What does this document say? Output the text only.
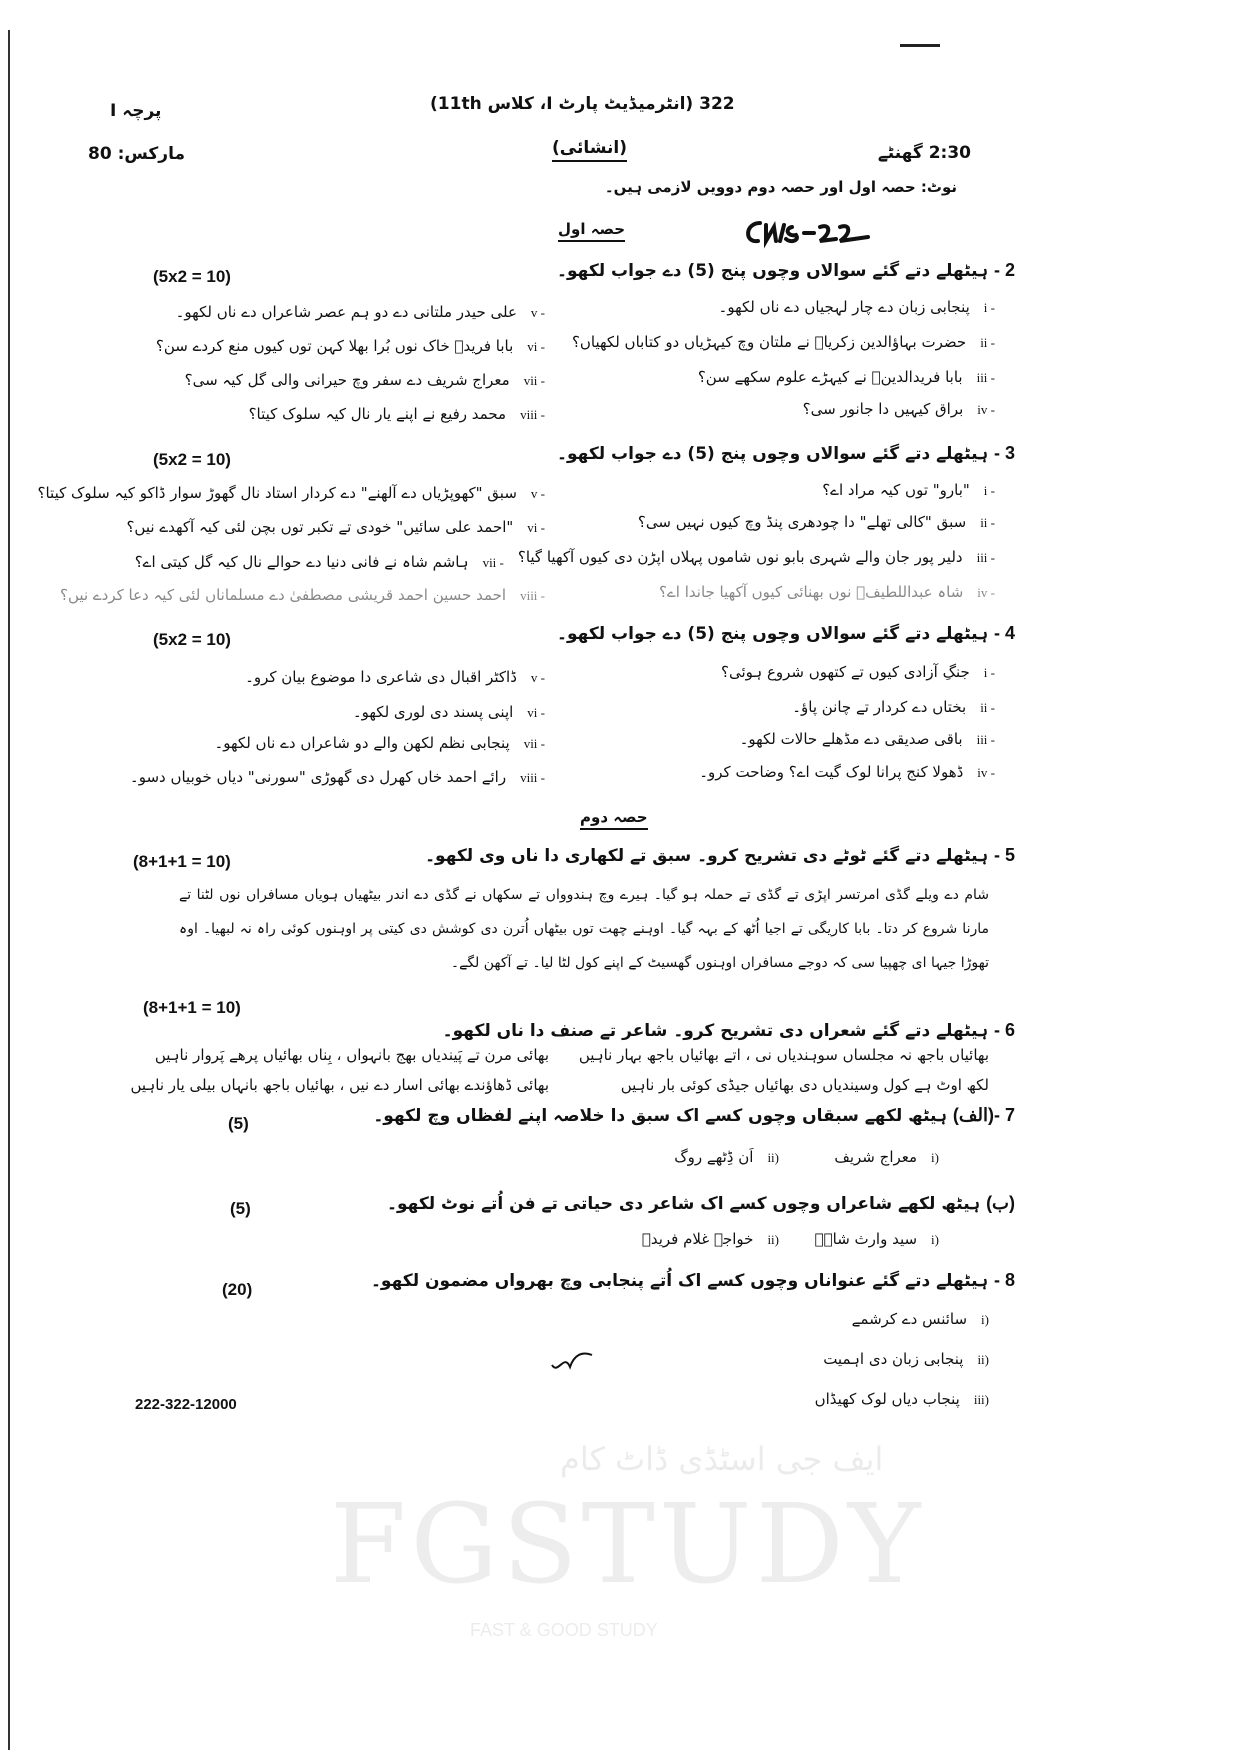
FGSTUDY
ایف جی اسٹڈی ڈاٹ کام
FAST & GOOD STUDY
پرچہ I	322 (انٹرمیڈیٹ پارٹ I، کلاس 11th)
مارکس: 80	(انشائی)	2:30 گھنٹے
نوٹ: حصہ اول اور حصہ دوم دوویں لازمی ہیں۔
حصہ اول
2 - ہیٹھلے دتے گئے سوالاں وچوں پنج (5) دے جواب لکھو۔
(5x2 = 10)
3 - ہیٹھلے دتے گئے سوالاں وچوں پنج (5) دے جواب لکھو۔
(5x2 = 10)
4 - ہیٹھلے دتے گئے سوالاں وچوں پنج (5) دے جواب لکھو۔
(5x2 = 10)
i -
پنجابی زبان دے چار لہجیاں دے ناں لکھو۔
ii -
حضرت بہاؤالدین زکریاؒ نے ملتان وچ کیہڑیاں دو کتاباں لکھیاں؟
iii -
بابا فریدالدینؒ نے کیہڑے علوم سکھے سن؟
iv -
براق کیہیں دا جانور سی؟
v -
علی حیدر ملتانی دے دو ہم عصر شاعراں دے ناں لکھو۔
vi -
بابا فریدؒ خاک نوں بُرا بھلا کہن توں کیوں منع کردے سن؟
vii -
معراج شریف دے سفر وچ حیرانی والی گل کیہ سی؟
viii -
محمد رفیع نے اپنے یار نال کیہ سلوک کیتا؟
i -
"بارو" توں کیہ مراد اے؟
ii -
سبق "کالی تھلے" دا چودھری پنڈ وچ کیوں نہیں سی؟
iii -
دلیر پور جان والے شہری بابو نوں شاموں پہلاں اپڑن دی کیوں آکھیا گیا؟
iv -
شاہ عبداللطیفؒ نوں بھنائی کیوں آکھیا جاندا اے؟
v -
سبق "کھوپڑیاں دے آلھنے" دے کردار استاد نال گھوڑ سوار ڈاکو کیہ سلوک کیتا؟
vi -
"احمد علی سائیں" خودی تے تکبر توں بچن لئی کیہ آکھدے نیں؟
vii -
ہاشم شاہ نے فانی دنیا دے حوالے نال کیہ گل کیتی اے؟
viii -
احمد حسین احمد قریشی مصطفیٰ دے مسلماناں لئی کیہ دعا کردے نیں؟
i -
جنگِ آزادی کیوں تے کتھوں شروع ہوئی؟
ii -
بختاں دے کردار تے چانن پاؤ۔
iii -
باقی صدیقی دے مڈھلے حالات لکھو۔
iv -
ڈھولا کنج پرانا لوک گیت اے؟ وضاحت کرو۔
v -
ڈاکٹر اقبال دی شاعری دا موضوع بیان کرو۔
vi -
اپنی پسند دی لوری لکھو۔
vii -
پنجابی نظم لکھن والے دو شاعراں دے ناں لکھو۔
viii -
رائے احمد خاں کھرل دی گھوڑی "سورنی" دیاں خوبیاں دسو۔
حصہ دوم
5 - ہیٹھلے دتے گئے ٹوٹے دی تشریح کرو۔ سبق تے لکھاری دا ناں وی لکھو۔
(8+1+1 = 10)
شام دے ویلے گڈی امرتسر اپڑی تے گڈی تے حملہ ہو گیا۔ ہیرے وچ ہندوواں تے سکھاں نے گڈی دے اندر بیٹھیاں ہویاں مسافراں نوں لٹنا تے مارنا شروع کر دتا۔ بابا کاریگی تے اجیا اُٹھ کے بہہ گیا۔ اوہنے چھت توں بیٹھاں اُترن دی کوشش دی کیتی پر اوہنوں کوئی راہ نہ لبھیا۔ اوہ تھوڑا جیہا ای چھپیا سی کہ دوجے مسافراں اوہنوں گھسیٹ کے اپنے کول لٹا لیا۔ تے آکھن لگے۔
(8+1+1 = 10)
6 - ہیٹھلے دتے گئے شعراں دی تشریح کرو۔ شاعر تے صنف دا ناں لکھو۔
بھائیاں باجھ نہ مجلساں سوہندیاں نی ، اتے بھائیاں باجھ بہار ناہیں
بھائی مرن تے پَیندیاں بھج بانہواں ، بِناں بھائیاں پرھے پَروار ناہیں
لکھ اوٹ ہے کول وسیندیاں دی بھائیاں جیڈی کوئی بار ناہیں
بھائی ڈھاؤندے بھائی اسار دے نیں ، بھائیاں باجھ بانہاں بیلی یار ناہیں
7 -(الف) ہیٹھ لکھے سبقاں وچوں کسے اک سبق دا خلاصہ اپنے لفظاں وچ لکھو۔
(5)
i)
معراج شریف
ii)
اَن ڈِٹھے روگ
(ب) ہیٹھ لکھے شاعراں وچوں کسے اک شاعر دی حیاتی تے فن اُتے نوٹ لکھو۔
(5)
i)
سید وارث شاہؒ
ii)
خواجہ غلام فریدؒ
8 - ہیٹھلے دتے گئے عنواناں وچوں کسے اک اُتے پنجابی وچ بھرواں مضمون لکھو۔
(20)
i)
سائنس دے کرشمے
ii)
پنجابی زبان دی اہمیت
iii)
پنجاب دیاں لوک کھیڈاں
222-322-12000
